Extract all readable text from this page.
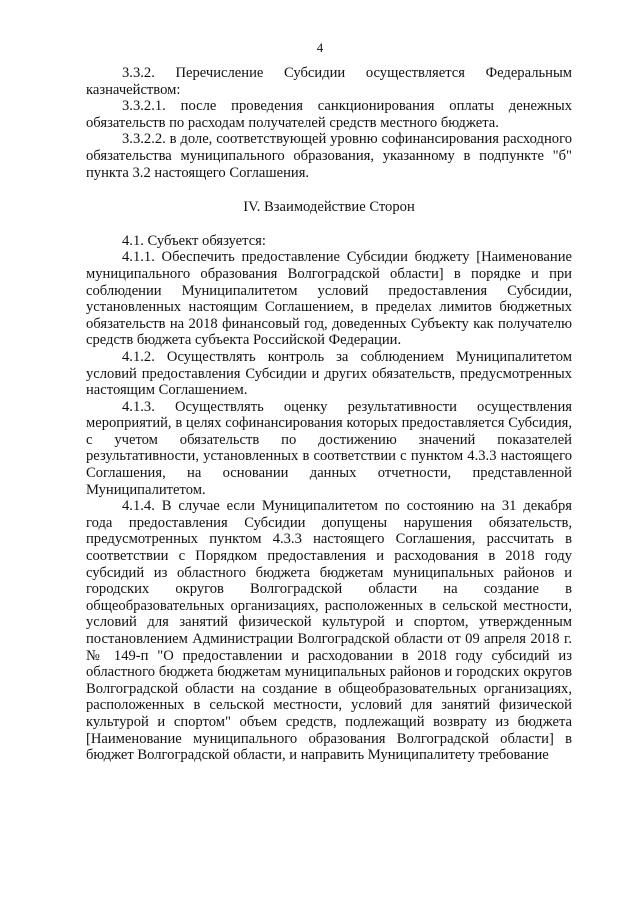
4

3.3.2. Перечисление Субсидии осуществляется Федеральным казначейством:

3.3.2.1. после проведения санкционирования оплаты денежных обязательств по расходам получателей средств местного бюджета.

3.3.2.2. в доле, соответствующей уровню софинансирования расходного обязательства муниципального образования, указанному в подпункте "б" пункта 3.2 настоящего Соглашения.

IV. Взаимодействие Сторон

4.1. Субъект обязуется:

4.1.1. Обеспечить предоставление Субсидии бюджету [Наименование муниципального образования Волгоградской области] в порядке и при соблюдении Муниципалитетом условий предоставления Субсидии, установленных настоящим Соглашением, в пределах лимитов бюджетных обязательств на 2018 финансовый год, доведенных Субъекту как получателю средств бюджета субъекта Российской Федерации.

4.1.2. Осуществлять контроль за соблюдением Муниципалитетом условий предоставления Субсидии и других обязательств, предусмотренных настоящим Соглашением.

4.1.3. Осуществлять оценку результативности осуществления мероприятий, в целях софинансирования которых предоставляется Субсидия, с учетом обязательств по достижению значений показателей результативности, установленных в соответствии с пунктом 4.3.3 настоящего Соглашения, на основании данных отчетности, представленной Муниципалитетом.

4.1.4. В случае если Муниципалитетом по состоянию на 31 декабря года предоставления Субсидии допущены нарушения обязательств, предусмотренных пунктом 4.3.3 настоящего Соглашения, рассчитать в соответствии с Порядком предоставления и расходования в 2018 году субсидий из областного бюджета бюджетам муниципальных районов и городских округов Волгоградской области на создание в общеобразовательных организациях, расположенных в сельской местности, условий для занятий физической культурой и спортом, утвержденным постановлением Администрации Волгоградской области от 09 апреля 2018 г. № 149-п "О предоставлении и расходовании в 2018 году субсидий из областного бюджета бюджетам муниципальных районов и городских округов Волгоградской области на создание в общеобразовательных организациях, расположенных в сельской местности, условий для занятий физической культурой и спортом" объем средств, подлежащий возврату из бюджета [Наименование муниципального образования Волгоградской области] в бюджет Волгоградской области, и направить Муниципалитету требование
